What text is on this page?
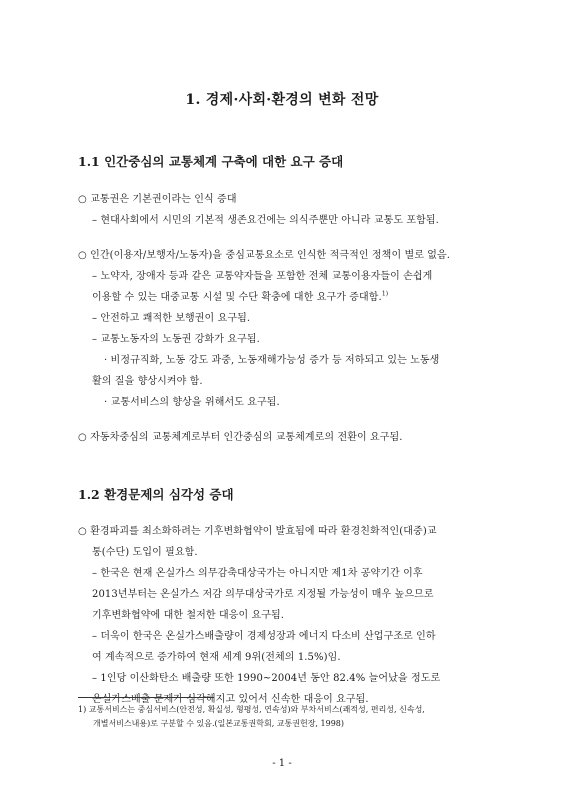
1. 경제·사회·환경의 변화 전망
1.1 인간중심의 교통체계 구축에 대한 요구 증대
○ 교통권은 기본권이라는 인식 증대
– 현대사회에서 시민의 기본적 생존요건에는 의식주뿐만 아니라 교통도 포함됨.
○ 인간(이용자/보행자/노동자)을 중심교통요소로 인식한 적극적인 정책이 별로 없음.
– 노약자, 장애자 등과 같은 교통약자들을 포함한 전체 교통이용자들이 손쉽게
이용할 수 있는 대중교통 시설 및 수단 확충에 대한 요구가 증대함.$^{1)}$
– 안전하고 쾌적한 보행권이 요구됨.
– 교통노동자의 노동권 강화가 요구됨.
· 비정규직화, 노동 강도 과중, 노동재해가능성 증가 등 저하되고 있는 노동생
활의 질을 향상시켜야 함.
· 교통서비스의 향상을 위해서도 요구됨.
○ 자동차중심의 교통체계로부터 인간중심의 교통체계로의 전환이 요구됨.
1.2 환경문제의 심각성 증대
○ 환경파괴를 최소화하려는 기후변화협약이 발효됨에 따라 환경친화적인(대중)교
통(수단) 도입이 필요함.
– 한국은 현재 온실가스 의무감축대상국가는 아니지만 제1차 공약기간 이후
2013년부터는 온실가스 저감 의무대상국가로 지정될 가능성이 매우 높으므로
기후변화협약에 대한 철저한 대응이 요구됨.
– 더욱이 한국은 온실가스배출량이 경제성장과 에너지 다소비 산업구조로 인하
여 계속적으로 증가하여 현재 세계 9위(전체의 1.5%)임.
– 1인당 이산화탄소 배출량 또한 1990~2004년 동안 82.4% 늘어났을 정도로
온실가스배출 문제가 심각해지고 있어서 신속한 대응이 요구됨.
1) 교통서비스는 중심서비스(안전성, 확실성, 형평성, 연속성)와 부차서비스(쾌적성, 편리성, 신속성,
개별서비스내용)로 구분할 수 있음.(일본교통권학회, 교통권헌장, 1998)
- 1 -
